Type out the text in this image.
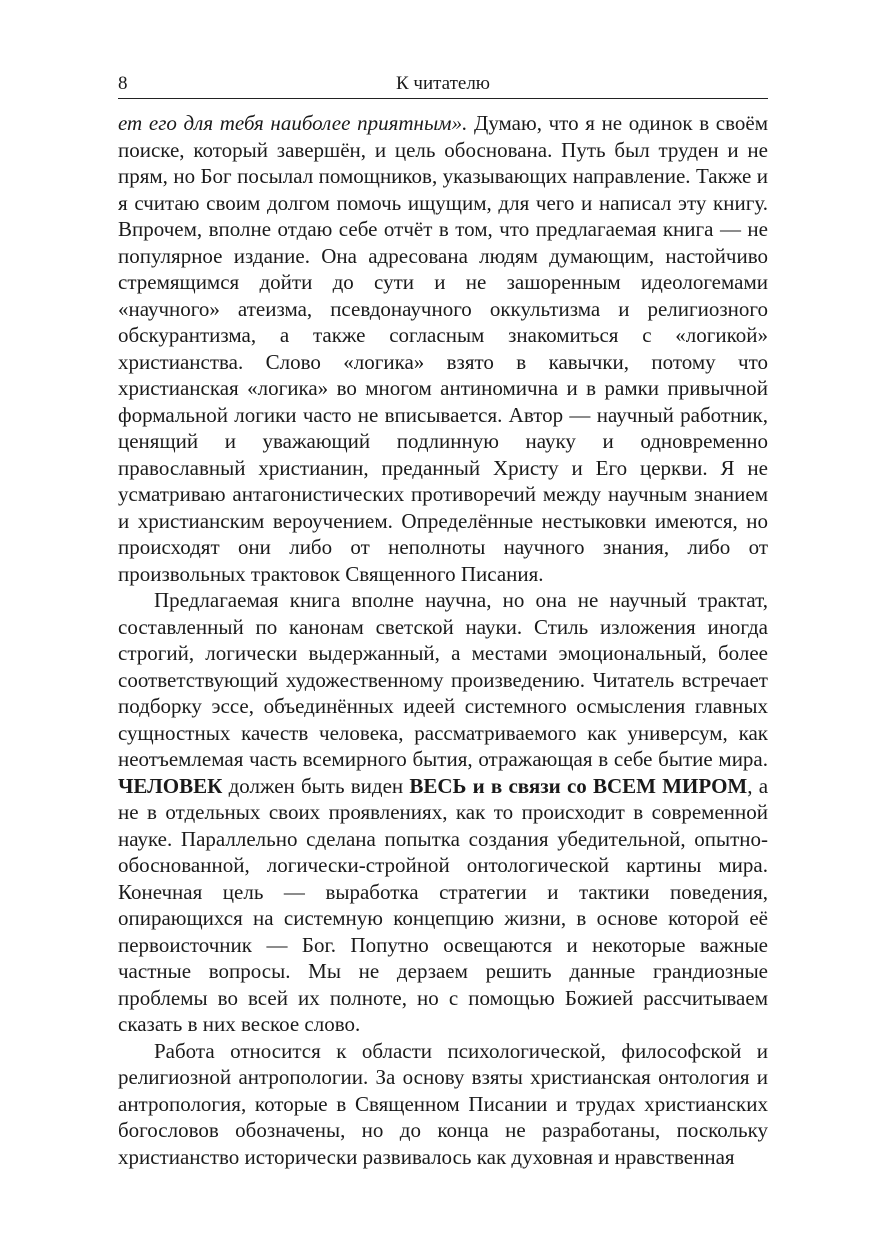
8	К читателю

ет его для тебя наиболее приятным». Думаю, что я не одинок в своём поиске, который завершён, и цель обоснована. Путь был труден и не прям, но Бог посылал помощников, указывающих направление. Также и я считаю своим долгом помочь ищущим, для чего и написал эту книгу. Впрочем, вполне отдаю себе отчёт в том, что предлагаемая книга — не популярное издание. Она адресована людям думающим, настойчиво стремящимся дойти до сути и не зашоренным идеологемами «научного» атеизма, псевдонаучного оккультизма и религиозного обскурантизма, а также согласным знакомиться с «логикой» христианства. Слово «логика» взято в кавычки, потому что христианская «логика» во многом антиномична и в рамки привычной формальной логики часто не вписывается. Автор — научный работник, ценящий и уважающий подлинную науку и одновременно православный христианин, преданный Христу и Его церкви. Я не усматриваю антагонистических противоречий между научным знанием и христианским вероучением. Определённые нестыковки имеются, но происходят они либо от неполноты научного знания, либо от произвольных трактовок Священного Писания.

Предлагаемая книга вполне научна, но она не научный трактат, составленный по канонам светской науки. Стиль изложения иногда строгий, логически выдержанный, а местами эмоциональный, более соответствующий художественному произведению. Читатель встречает подборку эссе, объединённых идеей системного осмысления главных сущностных качеств человека, рассматриваемого как универсум, как неотъемлемая часть всемирного бытия, отражающая в себе бытие мира. ЧЕЛОВЕК должен быть виден ВЕСЬ и в связи со ВСЕМ МИРОМ, а не в отдельных своих проявлениях, как то происходит в современной науке. Параллельно сделана попытка создания убедительной, опытно-обоснованной, логически-стройной онтологической картины мира. Конечная цель — выработка стратегии и тактики поведения, опирающихся на системную концепцию жизни, в основе которой её первоисточник — Бог. Попутно освещаются и некоторые важные частные вопросы. Мы не дерзаем решить данные грандиозные проблемы во всей их полноте, но с помощью Божией рассчитываем сказать в них веское слово.

Работа относится к области психологической, философской и религиозной антропологии. За основу взяты христианская онтология и антропология, которые в Священном Писании и трудах христианских богословов обозначены, но до конца не разработаны, поскольку христианство исторически развивалось как духовная и нравственная
